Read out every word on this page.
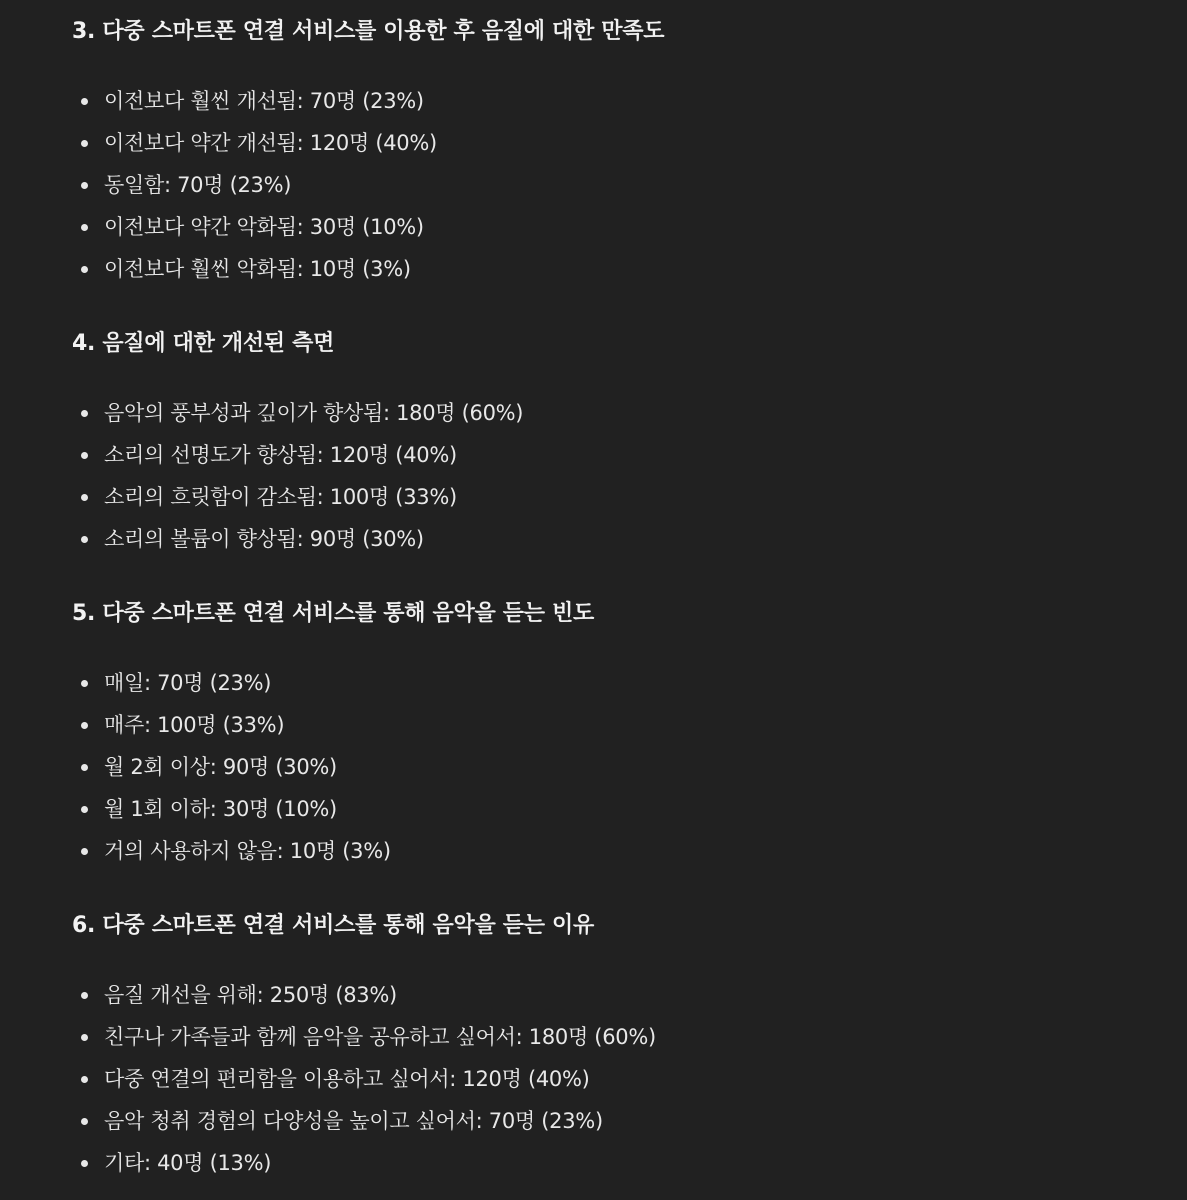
3. 다중 스마트폰 연결 서비스를 이용한 후 음질에 대한 만족도
이전보다 훨씬 개선됨: 70명 (23%)
이전보다 약간 개선됨: 120명 (40%)
동일함: 70명 (23%)
이전보다 약간 악화됨: 30명 (10%)
이전보다 훨씬 악화됨: 10명 (3%)
4. 음질에 대한 개선된 측면
음악의 풍부성과 깊이가 향상됨: 180명 (60%)
소리의 선명도가 향상됨: 120명 (40%)
소리의 흐릿함이 감소됨: 100명 (33%)
소리의 볼륨이 향상됨: 90명 (30%)
5. 다중 스마트폰 연결 서비스를 통해 음악을 듣는 빈도
매일: 70명 (23%)
매주: 100명 (33%)
월 2회 이상: 90명 (30%)
월 1회 이하: 30명 (10%)
거의 사용하지 않음: 10명 (3%)
6. 다중 스마트폰 연결 서비스를 통해 음악을 듣는 이유
음질 개선을 위해: 250명 (83%)
친구나 가족들과 함께 음악을 공유하고 싶어서: 180명 (60%)
다중 연결의 편리함을 이용하고 싶어서: 120명 (40%)
음악 청취 경험의 다양성을 높이고 싶어서: 70명 (23%)
기타: 40명 (13%)
